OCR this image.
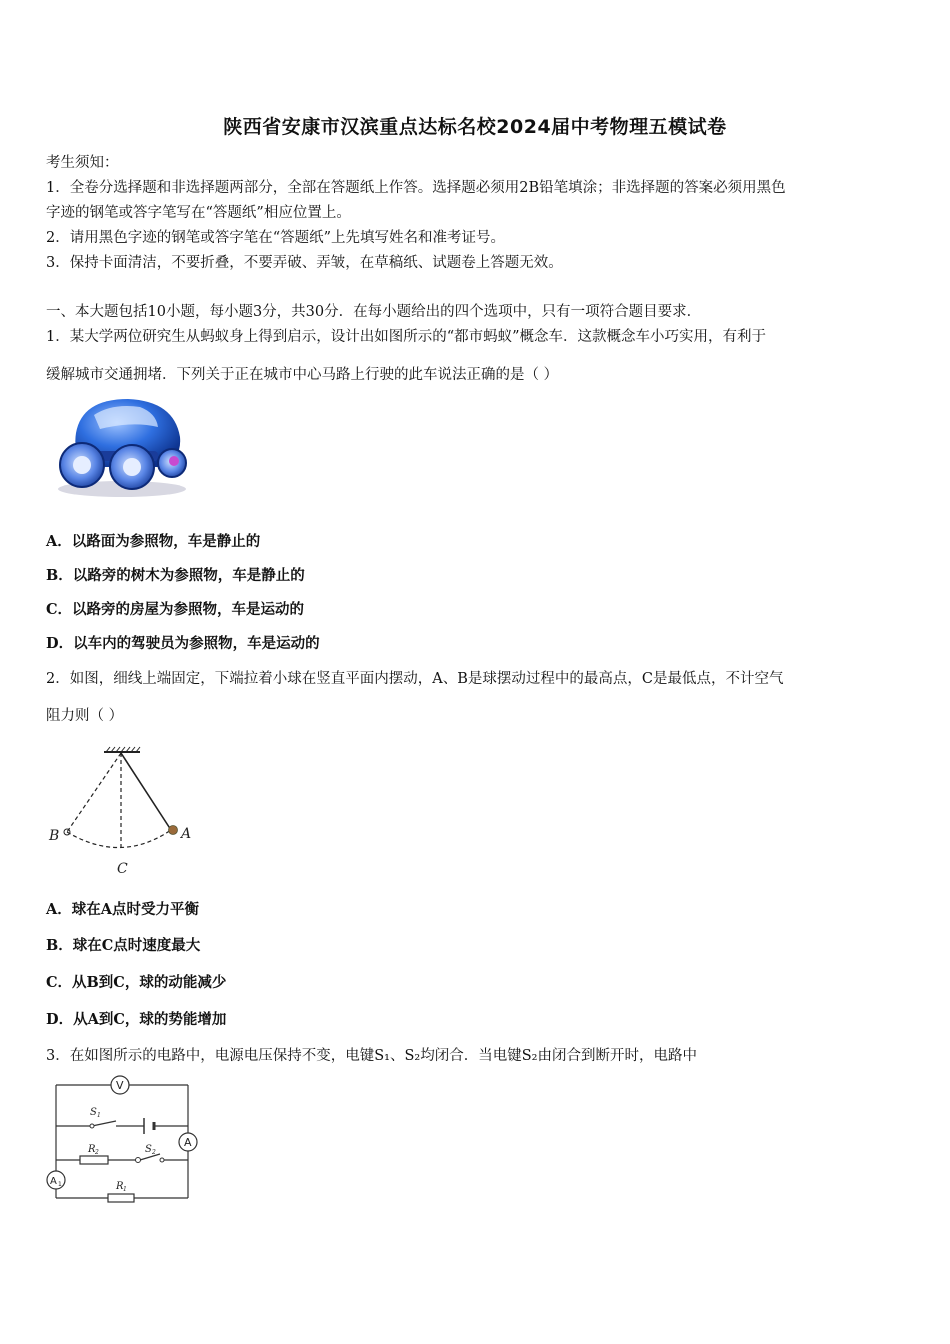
陕西省安康市汉滨重点达标名校2024届中考物理五模试卷
考生须知：
1．全卷分选择题和非选择题两部分，全部在答题纸上作答。选择题必须用2B铅笔填涂；非选择题的答案必须用黑色
字迹的钢笔或答字笔写在“答题纸”相应位置上。
2．请用黑色字迹的钢笔或答字笔在“答题纸”上先填写姓名和准考证号。
3．保持卡面清洁，不要折叠，不要弄破、弄皱，在草稿纸、试题卷上答题无效。
一、本大题包括10小题，每小题3分，共30分．在每小题给出的四个选项中，只有一项符合题目要求．
1．某大学两位研究生从蚂蚁身上得到启示，设计出如图所示的“都市蚂蚁”概念车．这款概念车小巧实用，有利于
缓解城市交通拥堵．下列关于正在城市中心马路上行驶的此车说法正确的是（ ）
A．以路面为参照物，车是静止的
B．以路旁的树木为参照物，车是静止的
C．以路旁的房屋为参照物，车是运动的
D．以车内的驾驶员为参照物，车是运动的
2．如图，细线上端固定，下端拉着小球在竖直平面内摆动，A、B是球摆动过程中的最高点，C是最低点，不计空气
阻力则（ ）
B	A
C
A．球在A点时受力平衡
B．球在C点时速度最大
C．从B到C，球的动能减少
D．从A到C，球的势能增加
3．在如图所示的电路中，电源电压保持不变，电键S₁、S₂均闭合．当电键S₂由闭合到断开时，电路中
V
A
A 1
S 1
S 2
R 2
R 1
